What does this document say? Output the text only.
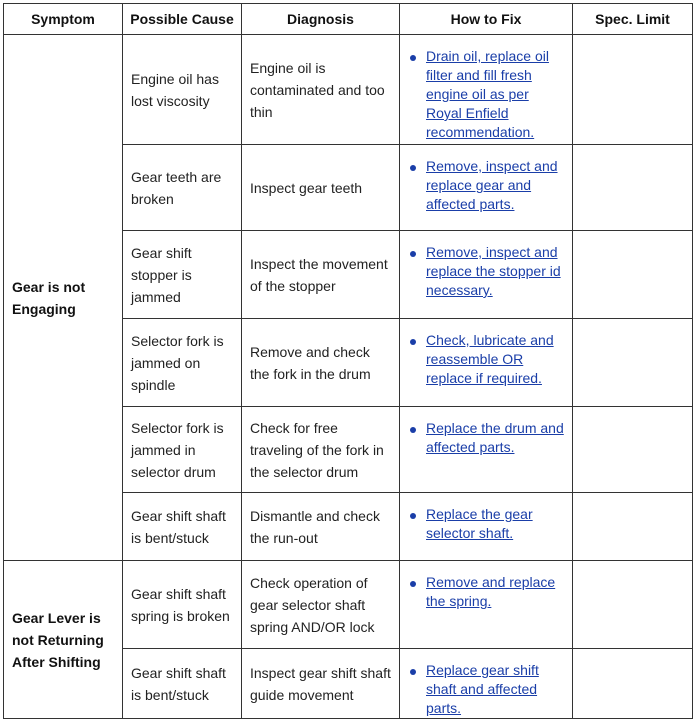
Symptom	Possible Cause	Diagnosis	How to Fix	Spec. Limit
Gear is not Engaging	Engine oil has lost viscosity	Engine oil is contaminated and too thin	Drain oil, replace oil filter and fill fresh engine oil as per Royal Enfield recommendation.	

	Gear teeth are broken	Inspect gear teeth	Remove, inspect and replace gear and affected parts.	

	Gear shift stopper is jammed	Inspect the movement of the stopper	Remove, inspect and replace the stopper id necessary.	

	Selector fork is jammed on spindle	Remove and check the fork in the drum	Check, lubricate and reassemble OR replace if required.	

	Selector fork is jammed in selector drum	Check for free traveling of the fork in the selector drum	Replace the drum and affected parts.	

	Gear shift shaft is bent/stuck	Dismantle and check the run-out	Replace the gear selector shaft.	

Gear Lever is not Returning After Shifting	Gear shift shaft spring is broken	Check operation of gear selector shaft spring AND/OR lock	Remove and replace the spring.	

	Gear shift shaft is bent/stuck	Inspect gear shift shaft guide movement	Replace gear shift shaft and affected parts.	
